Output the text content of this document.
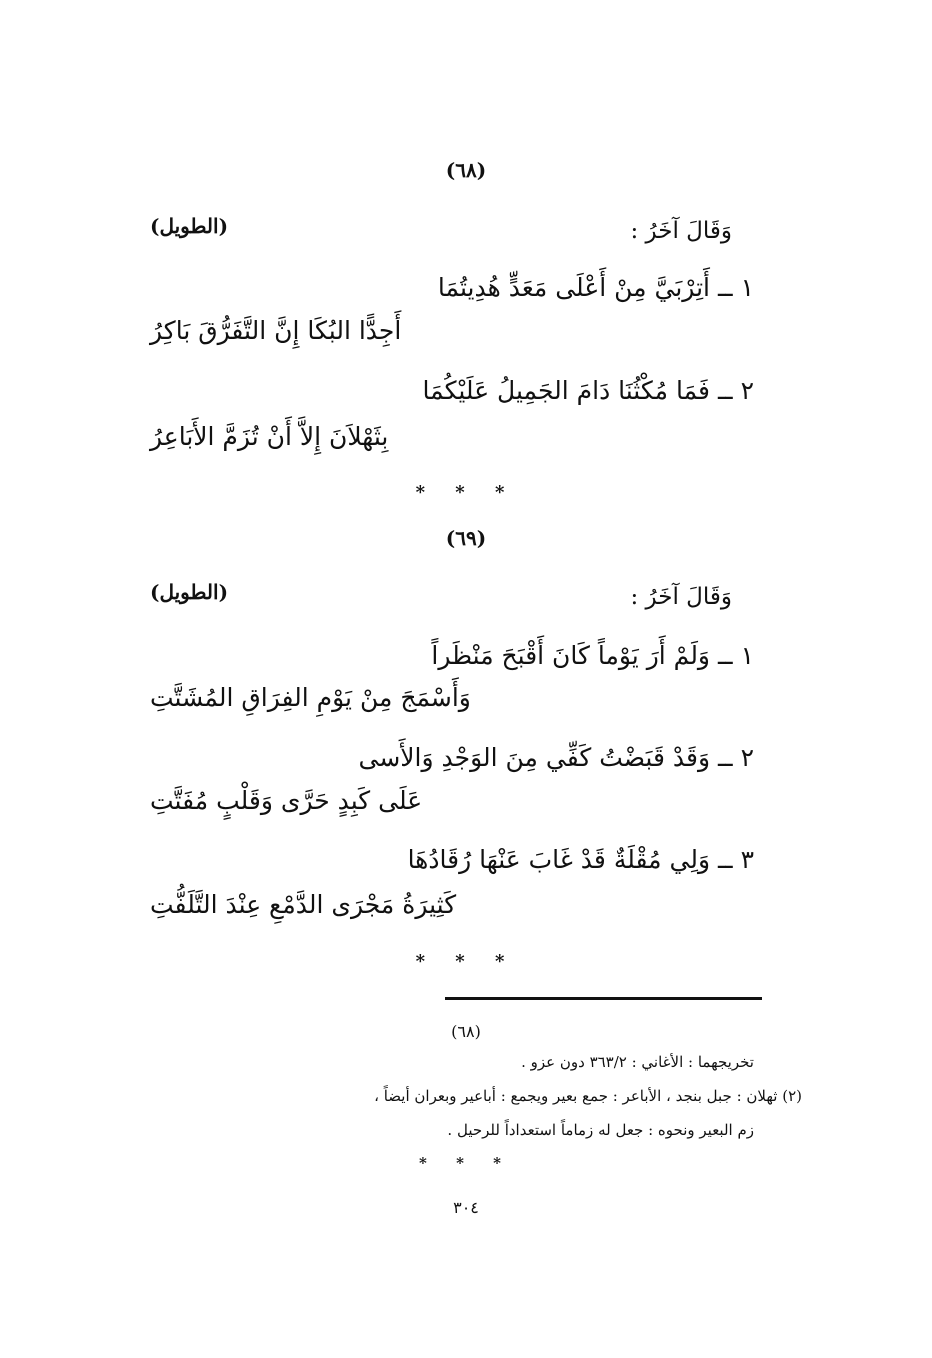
(٦٨)
وَقَالَ آخَرُ :
(الطويل)
١ ــ أَتِرْبَيَّ مِنْ أَعْلَى مَعَدٍّ هُدِيتُمَا
أَجِدًّا البُكَا إِنَّ التَّفَرُّقَ بَاكِرُ
٢ ــ فَمَا مُكْثُنَا دَامَ الجَمِيلُ عَلَيْكُمَا
بِثَهْلاَنَ إِلاَّ أَنْ تُزَمَّ الأَبَاعِرُ
* * *
(٦٩)
وَقَالَ آخَرُ :
(الطويل)
١ ــ وَلَمْ أَرَ يَوْماً كَانَ أَقْبَحَ مَنْظَراً
وَأَسْمَجَ مِنْ يَوْمِ الفِرَاقِ المُشَتَّتِ
٢ ــ وَقَدْ قَبَضْتُ كَفِّي مِنَ الوَجْدِ وَالأَسى
عَلَى كَبِدٍ حَرَّى وَقَلْبٍ مُفَتَّتِ
٣ ــ وَلِي مُقْلَةٌ قَدْ غَابَ عَنْهَا رُقَادُهَا
كَثِيرَةُ مَجْرَى الدَّمْعِ عِنْدَ التَّلَفُّتِ
* * *
(٦٨)
تخريجهما : الأغاني : ٣٦٣/٢ دون عزو .
(٢) ثهلان : جبل بنجد ، الأباعر : جمع بعير ويجمع : أباعير وبعران أيضاً ،
زم البعير ونحوه : جعل له زماماً استعداداً للرحيل .
* * *
٣٠٤
